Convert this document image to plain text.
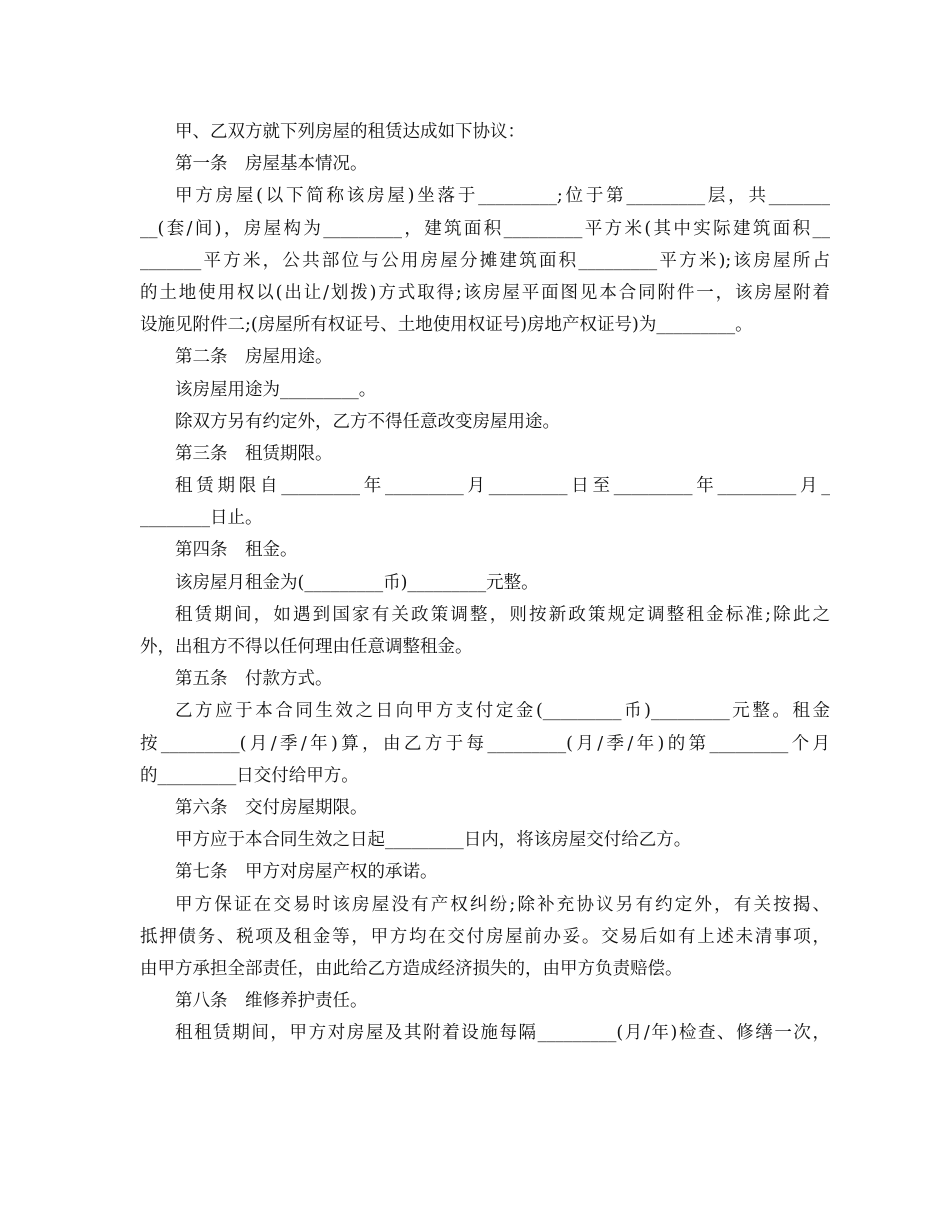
甲、乙双方就下列房屋的租赁达成如下协议：
第一条　房屋基本情况。
甲方房屋(以下简称该房屋)坐落于_________;位于第_________层，共_______
__(套/间)，房屋构为_________，建筑面积_________平方米(其中实际建筑面积__
_______平方米，公共部位与公用房屋分摊建筑面积_________平方米);该房屋所占
的土地使用权以(出让/划拨)方式取得;该房屋平面图见本合同附件一，该房屋附着
设施见附件二;(房屋所有权证号、土地使用权证号)房地产权证号)为_________。
第二条　房屋用途。
该房屋用途为_________。
除双方另有约定外，乙方不得任意改变房屋用途。
第三条　租赁期限。
租赁期限自_________年_________月_________日至_________年_________月_
________日止。
第四条　租金。
该房屋月租金为(_________币)_________元整。
租赁期间，如遇到国家有关政策调整，则按新政策规定调整租金标准;除此之
外，出租方不得以任何理由任意调整租金。
第五条　付款方式。
乙方应于本合同生效之日向甲方支付定金(_________币)_________元整。租金
按_________(月/季/年)算，由乙方于每_________(月/季/年)的第_________个月
的_________日交付给甲方。
第六条　交付房屋期限。
甲方应于本合同生效之日起_________日内，将该房屋交付给乙方。
第七条　甲方对房屋产权的承诺。
甲方保证在交易时该房屋没有产权纠纷;除补充协议另有约定外，有关按揭、
抵押债务、税项及租金等，甲方均在交付房屋前办妥。交易后如有上述未清事项，
由甲方承担全部责任，由此给乙方造成经济损失的，由甲方负责赔偿。
第八条　维修养护责任。
租租赁期间，甲方对房屋及其附着设施每隔_________(月/年)检查、修缮一次，
